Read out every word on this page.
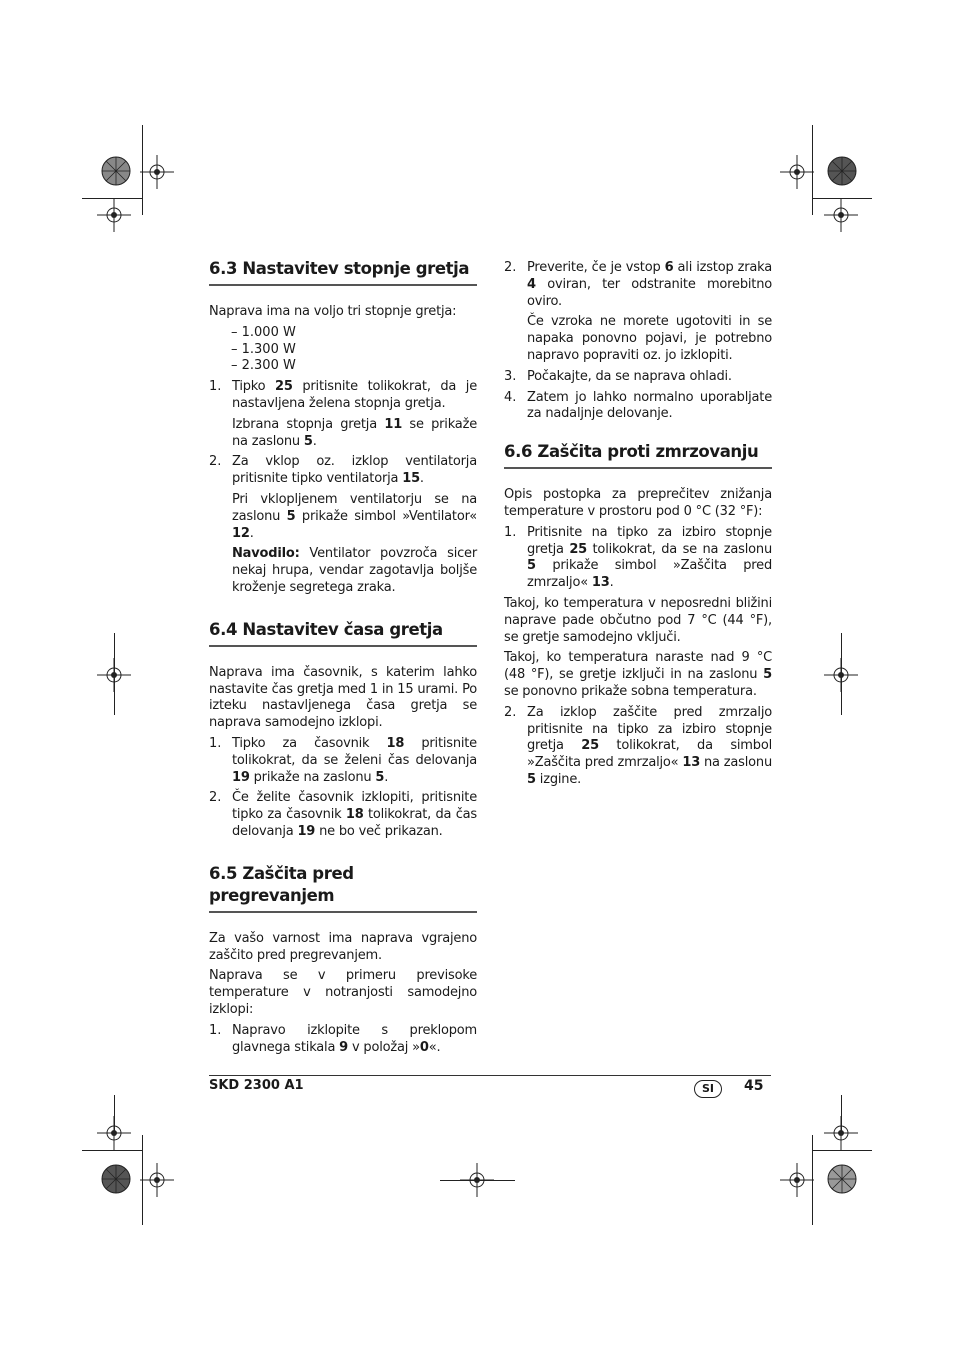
6.3 Nastavitev stopnje gretja

Naprava ima na voljo tri stopnje gretja:

– 1.000 W
– 1.300 W
– 2.300 W
1. Tipko 25 pritisnite tolikokrat, da je nastavljena želena stopnja gretja.

Izbrana stopnja gretja 11 se prikaže na zaslonu 5.

2. Za vklop oz. izklop ventilatorja pritisnite tipko ventilatorja 15.

Pri vklopljenem ventilatorju se na zaslonu 5 prikaže simbol »Ventilator« 12.

Navodilo: Ventilator povzroča sicer nekaj hrupa, vendar zagotavlja boljše kroženje segretega zraka.

6.4 Nastavitev časa gretja

Naprava ima časovnik, s katerim lahko nastavite čas gretja med 1 in 15 urami. Po izteku nastavljenega časa gretja se naprava samodejno izklopi.

1. Tipko za časovnik 18 pritisnite tolikokrat, da se želeni čas delovanja 19 prikaže na zaslonu 5.

2. Če želite časovnik izklopiti, pritisnite tipko za časovnik 18 tolikokrat, da čas delovanja 19 ne bo več prikazan.

6.5 Zaščita pred pregrevanjem

Za vašo varnost ima naprava vgrajeno zaščito pred pregrevanjem.

Naprava se v primeru previsoke temperature v notranjosti samodejno izklopi:

1. Napravo izklopite s preklopom glavnega stikala 9 v položaj »0«.

2. Preverite, če je vstop 6 ali izstop zraka 4 oviran, ter odstranite morebitno oviro.

Če vzroka ne morete ugotoviti in se napaka ponovno pojavi, je potrebno napravo popraviti oz. jo izklopiti.

3. Počakajte, da se naprava ohladi.

4. Zatem jo lahko normalno uporabljate za nadaljnje delovanje.

6.6 Zaščita proti zmrzovanju

Opis postopka za preprečitev znižanja temperature v prostoru pod 0 °C (32 °F):

1. Pritisnite na tipko za izbiro stopnje gretja 25 tolikokrat, da se na zaslonu 5 prikaže simbol »Zaščita pred zmrzaljo« 13.

Takoj, ko temperatura v neposredni bližini naprave pade občutno pod 7 °C (44 °F), se gretje samodejno vključi.

Takoj, ko temperatura naraste nad 9 °C (48 °F), se gretje izključi in na zaslonu 5 se ponovno prikaže sobna temperatura.

2. Za izklop zaščite pred zmrzaljo pritisnite na tipko za izbiro stopnje gretja 25 tolikokrat, da simbol »Zaščita pred zmrzaljo« 13 na zaslonu 5 izgine.

SKD 2300 A1	SI	45
